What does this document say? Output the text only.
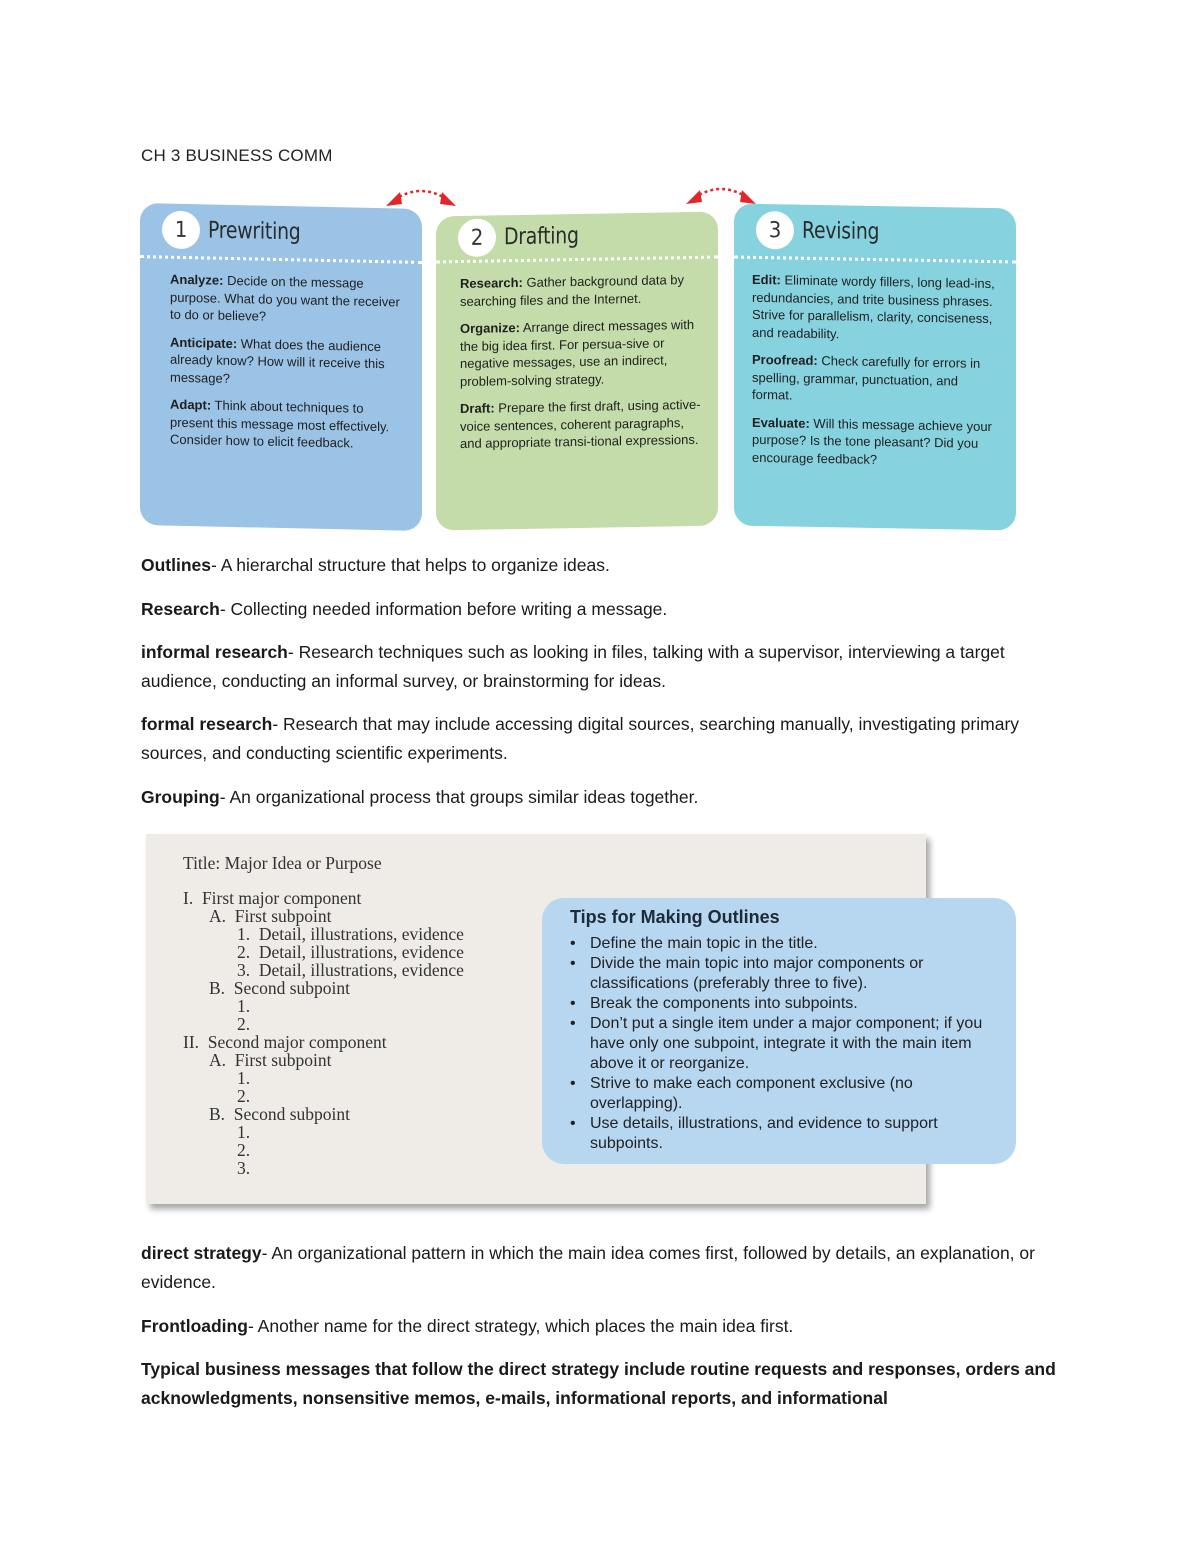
CH 3 BUSINESS COMM
1 Prewriting
Analyze: Decide on the message purpose. What do you want the receiver to do or believe?
Anticipate: What does the audience already know? How will it receive this message?
Adapt: Think about techniques to present this message most effectively. Consider how to elicit feedback.
2 Drafting
Research: Gather background data by searching files and the Internet.
Organize: Arrange direct messages with the big idea first. For persua-sive or negative messages, use an indirect, problem-solving strategy.
Draft: Prepare the first draft, using active-voice sentences, coherent paragraphs, and appropriate transi-tional expressions.
3 Revising
Edit: Eliminate wordy fillers, long lead-ins, redundancies, and trite business phrases. Strive for parallelism, clarity, conciseness, and readability.
Proofread: Check carefully for errors in spelling, grammar, punctuation, and format.
Evaluate: Will this message achieve your purpose? Is the tone pleasant? Did you encourage feedback?

Outlines- A hierarchal structure that helps to organize ideas.

Research- Collecting needed information before writing a message.

informal research- Research techniques such as looking in files, talking with a supervisor, interviewing a target audience, conducting an informal survey, or brainstorming for ideas.

formal research- Research that may include accessing digital sources, searching manually, investigating primary sources, and conducting scientific experiments.

Grouping- An organizational process that groups similar ideas together.

Title: Major Idea or Purpose
I.  First major component
A.  First subpoint
1.  Detail, illustrations, evidence
2.  Detail, illustrations, evidence
3.  Detail, illustrations, evidence
B.  Second subpoint
1.
2.
II.  Second major component
A.  First subpoint
1.
2.
B.  Second subpoint
1.
2.
3.
Tips for Making Outlines
• Define the main topic in the title.
• Divide the main topic into major components or classifications (preferably three to five).
• Break the components into subpoints.
• Don’t put a single item under a major component; if you have only one subpoint, integrate it with the main item above it or reorganize.
• Strive to make each component exclusive (no overlapping).
• Use details, illustrations, and evidence to support subpoints.

direct strategy- An organizational pattern in which the main idea comes first, followed by details, an explanation, or evidence.

Frontloading- Another name for the direct strategy, which places the main idea first.

Typical business messages that follow the direct strategy include routine requests and responses, orders and acknowledgments, nonsensitive memos, e-mails, informational reports, and informational
